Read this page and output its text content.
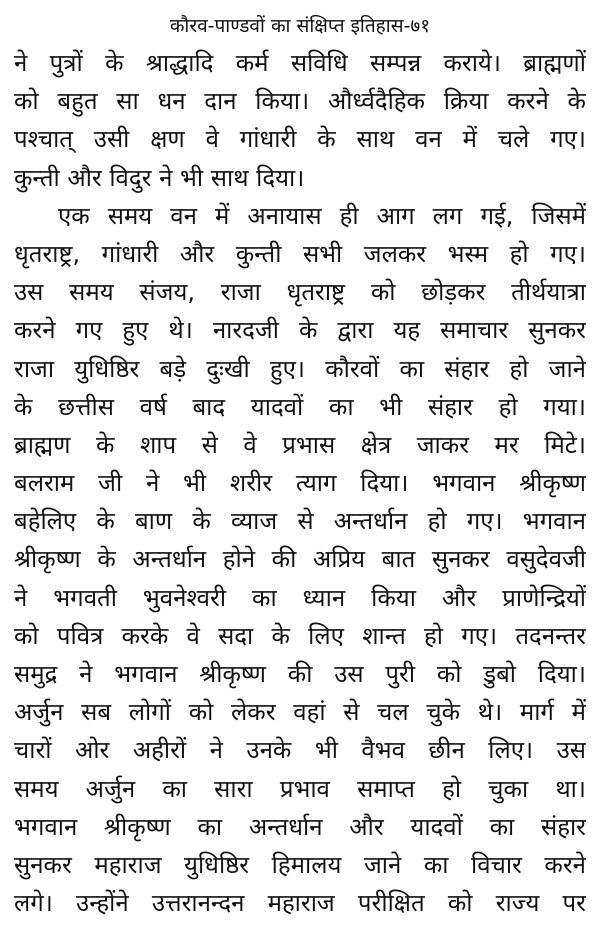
कौरव-पाण्डवों का संक्षिप्त इतिहास-७१
ने पुत्रों के श्राद्धादि कर्म सविधि सम्पन्न कराये। ब्राह्मणों
को बहुत सा धन दान किया। और्ध्वदैहिक क्रिया करने के
पश्चात् उसी क्षण वे गांधारी के साथ वन में चले गए।
कुन्ती और विदुर ने भी साथ दिया।
एक समय वन में अनायास ही आग लग गई, जिसमें
धृतराष्ट्र, गांधारी और कुन्ती सभी जलकर भस्म हो गए।
उस समय संजय, राजा धृतराष्ट्र को छोड़कर तीर्थयात्रा
करने गए हुए थे। नारदजी के द्वारा यह समाचार सुनकर
राजा युधिष्ठिर बड़े दुःखी हुए। कौरवों का संहार हो जाने
के छत्तीस वर्ष बाद यादवों का भी संहार हो गया।
ब्राह्मण के शाप से वे प्रभास क्षेत्र जाकर मर मिटे।
बलराम जी ने भी शरीर त्याग दिया। भगवान श्रीकृष्ण
बहेलिए के बाण के व्याज से अन्तर्धान हो गए। भगवान
श्रीकृष्ण के अन्तर्धान होने की अप्रिय बात सुनकर वसुदेवजी
ने भगवती भुवनेश्वरी का ध्यान किया और प्राणेन्द्रियों
को पवित्र करके वे सदा के लिए शान्त हो गए। तदनन्तर
समुद्र ने भगवान श्रीकृष्ण की उस पुरी को डुबो दिया।
अर्जुन सब लोगों को लेकर वहां से चल चुके थे। मार्ग में
चारों ओर अहीरों ने उनके भी वैभव छीन लिए। उस
समय अर्जुन का सारा प्रभाव समाप्त हो चुका था।
भगवान श्रीकृष्ण का अन्तर्धान और यादवों का संहार
सुनकर महाराज युधिष्ठिर हिमालय जाने का विचार करने
लगे। उन्होंने उत्तरानन्दन महाराज परीक्षित को राज्य पर
